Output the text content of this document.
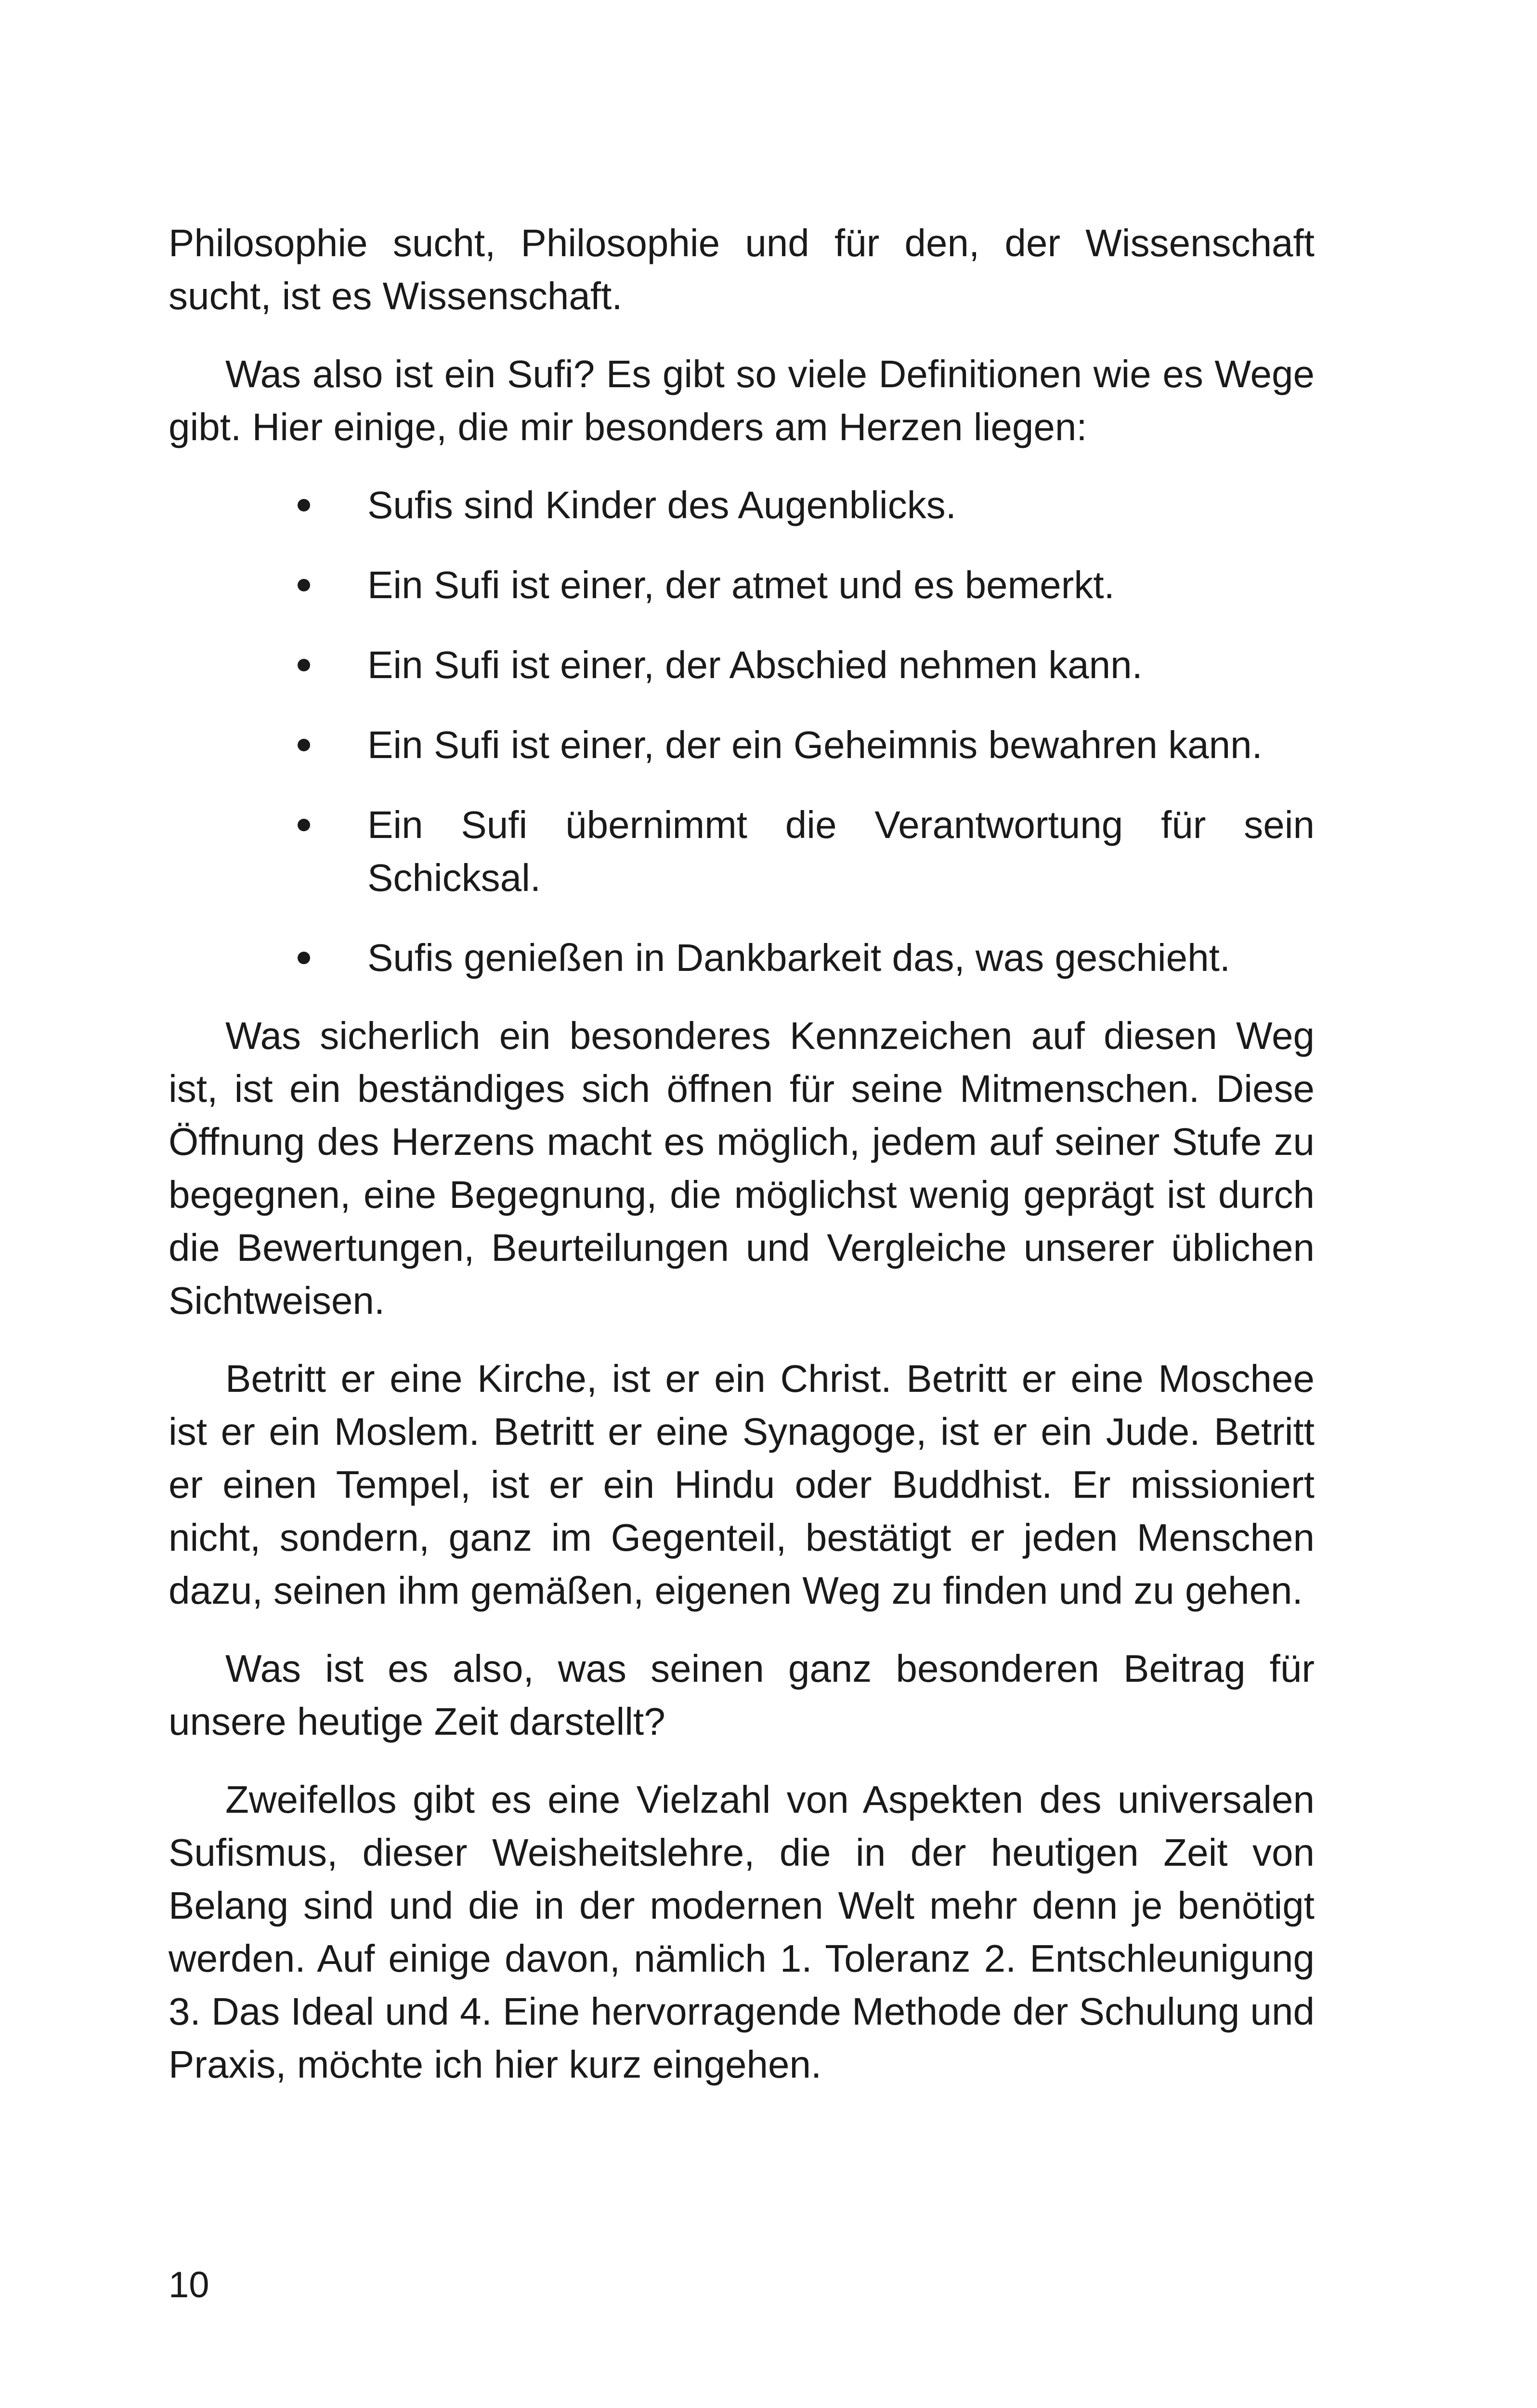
Philosophie sucht, Philosophie und für den, der Wissenschaft sucht, ist es Wissenschaft.

Was also ist ein Sufi? Es gibt so viele Definitionen wie es Wege gibt. Hier einige, die mir besonders am Herzen liegen:

Sufis sind Kinder des Augenblicks.
Ein Sufi ist einer, der atmet und es bemerkt.
Ein Sufi ist einer, der Abschied nehmen kann.
Ein Sufi ist einer, der ein Geheimnis bewahren kann.
Ein Sufi übernimmt die Verantwortung für sein Schicksal.
Sufis genießen in Dankbarkeit das, was geschieht.

Was sicherlich ein besonderes Kennzeichen auf diesen Weg ist, ist ein beständiges sich öffnen für seine Mitmenschen. Diese Öffnung des Herzens macht es möglich, jedem auf seiner Stufe zu begegnen, eine Begegnung, die möglichst wenig geprägt ist durch die Bewertungen, Beurteilungen und Vergleiche unserer üblichen Sichtweisen.

Betritt er eine Kirche, ist er ein Christ. Betritt er eine Moschee ist er ein Moslem. Betritt er eine Synagoge, ist er ein Jude. Betritt er einen Tempel, ist er ein Hindu oder Buddhist. Er missioniert nicht, sondern, ganz im Gegenteil, bestätigt er jeden Menschen dazu, seinen ihm gemäßen, eigenen Weg zu finden und zu gehen.

Was ist es also, was seinen ganz besonderen Beitrag für unsere heutige Zeit darstellt?

Zweifellos gibt es eine Vielzahl von Aspekten des universalen Sufismus, dieser Weisheitslehre, die in der heutigen Zeit von Belang sind und die in der modernen Welt mehr denn je benötigt werden. Auf einige davon, nämlich 1. Toleranz 2. Entschleunigung 3. Das Ideal und 4. Eine hervorragende Methode der Schulung und Praxis, möchte ich hier kurz eingehen.

10
